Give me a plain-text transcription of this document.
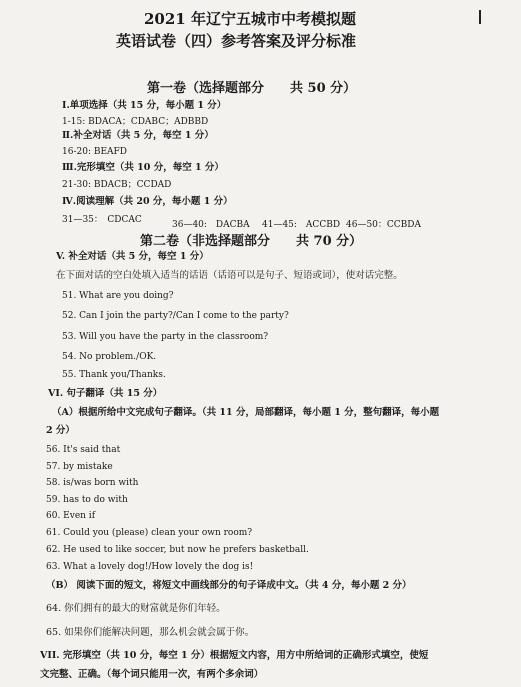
2021 年辽宁五城市中考模拟题
英语试卷（四）参考答案及评分标准
第一卷（选择题部分　　共 50 分）
Ⅰ.单项选择（共 15 分，每小题 1 分）
1-15: BDACA；CDABC；ADBBD
Ⅱ.补全对话（共 5 分，每空 1 分）
16-20: BEAFD
Ⅲ.完形填空（共 10 分，每空 1 分）
21-30: BDACB；CCDAD
Ⅳ.阅读理解（共 20 分，每小题 1 分）
31—35：　CDCAC	36—40:　DACBA 41—45:　ACCBD 46—50：CCBDA
第二卷（非选择题部分　　共 70 分）
V. 补全对话（共 5 分，每空 1 分）
在下面对话的空白处填入适当的话语（话语可以是句子、短语或词），使对话完整。
51. What are you doing?
52. Can I join the party?/Can I come to the party?
53. Will you have the party in the classroom?
54. No problem./OK.
55. Thank you/Thanks.
VI. 句子翻译（共 15 分）
（A）根据所给中文完成句子翻译。（共 11 分，局部翻译，每小题 1 分，整句翻译，每小题
2 分）
56. It's said that
57. by mistake
58. is/was born with
59. has to do with
60. Even if
61. Could you (please) clean your own room?
62. He used to like soccer, but now he prefers basketball.
63. What a lovely dog!/How lovely the dog is!
（B） 阅读下面的短文，将短文中画线部分的句子译成中文。（共 4 分，每小题 2 分）
64. 你们拥有的最大的财富就是你们年轻。
65. 如果你们能解决问题，那么机会就会属于你。
VII. 完形填空（共 10 分，每空 1 分）根据短文内容，用方中所给词的正确形式填空，使短
文完整、正确。（每个词只能用一次，有两个多余词）
